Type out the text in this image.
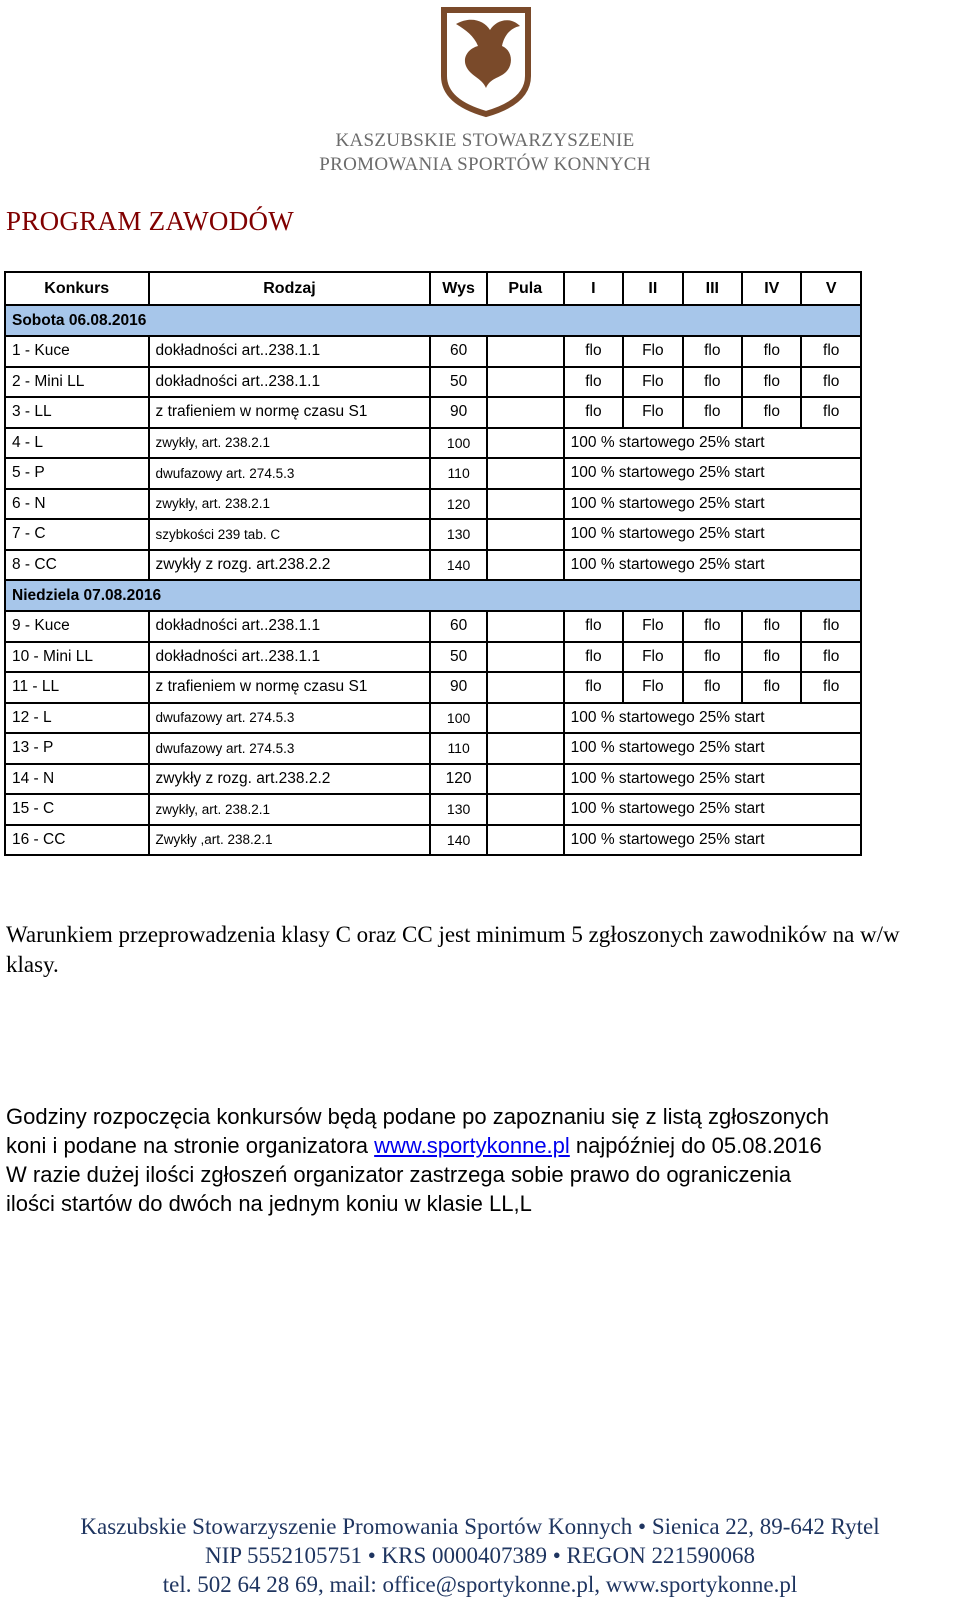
KASZUBSKIE STOWARZYSZENIE
PROMOWANIA SPORTÓW KONNYCH
PROGRAM ZAWODÓW
Konkurs	Rodzaj	Wys	Pula	I	II	III	IV	V
Sobota 06.08.2016								
1 - Kuce	dokładności art..238.1.1	60		flo	Flo	flo	flo	flo
2 - Mini LL	dokładności art..238.1.1	50		flo	Flo	flo	flo	flo
3 - LL	z trafieniem w normę czasu S1	90		flo	Flo	flo	flo	flo
4 - L	zwykły, art. 238.2.1	100		100 % startowego 25% start				
5 - P	dwufazowy art. 274.5.3	110		100 % startowego 25% start				
6 - N	zwykły, art. 238.2.1	120		100 % startowego 25% start				
7 - C	szybkości 239 tab. C	130		100 % startowego 25% start				
8 - CC	zwykły z rozg. art.238.2.2	140		100 % startowego 25% start				
Niedziela 07.08.2016								
9 - Kuce	dokładności art..238.1.1	60		flo	Flo	flo	flo	flo
10 - Mini LL	dokładności art..238.1.1	50		flo	Flo	flo	flo	flo
11 - LL	z trafieniem w normę czasu S1	90		flo	Flo	flo	flo	flo
12 - L	dwufazowy art. 274.5.3	100		100 % startowego 25% start				
13 - P	dwufazowy art. 274.5.3	110		100 % startowego 25% start				
14 - N	zwykły z rozg. art.238.2.2	120		100 % startowego 25% start				
15 - C	zwykły, art. 238.2.1	130		100 % startowego 25% start				
16 - CC	Zwykły ,art. 238.2.1	140		100 % startowego 25% start				

Warunkiem przeprowadzenia klasy C oraz CC jest minimum 5 zgłoszonych zawodników na w/w klasy.

Godziny rozpoczęcia konkursów będą podane po zapoznaniu się z listą zgłoszonych
koni i podane na stronie organizatora www.sportykonne.pl najpóźniej do 05.08.2016
W razie dużej ilości zgłoszeń organizator zastrzega sobie prawo do ograniczenia
ilości startów do dwóch na jednym koniu w klasie LL,L
Kaszubskie Stowarzyszenie Promowania Sportów Konnych • Sienica 22, 89-642 Rytel
NIP 5552105751 • KRS 0000407389 • REGON 221590068
tel. 502 64 28 69, mail: office@sportykonne.pl, www.sportykonne.pl
